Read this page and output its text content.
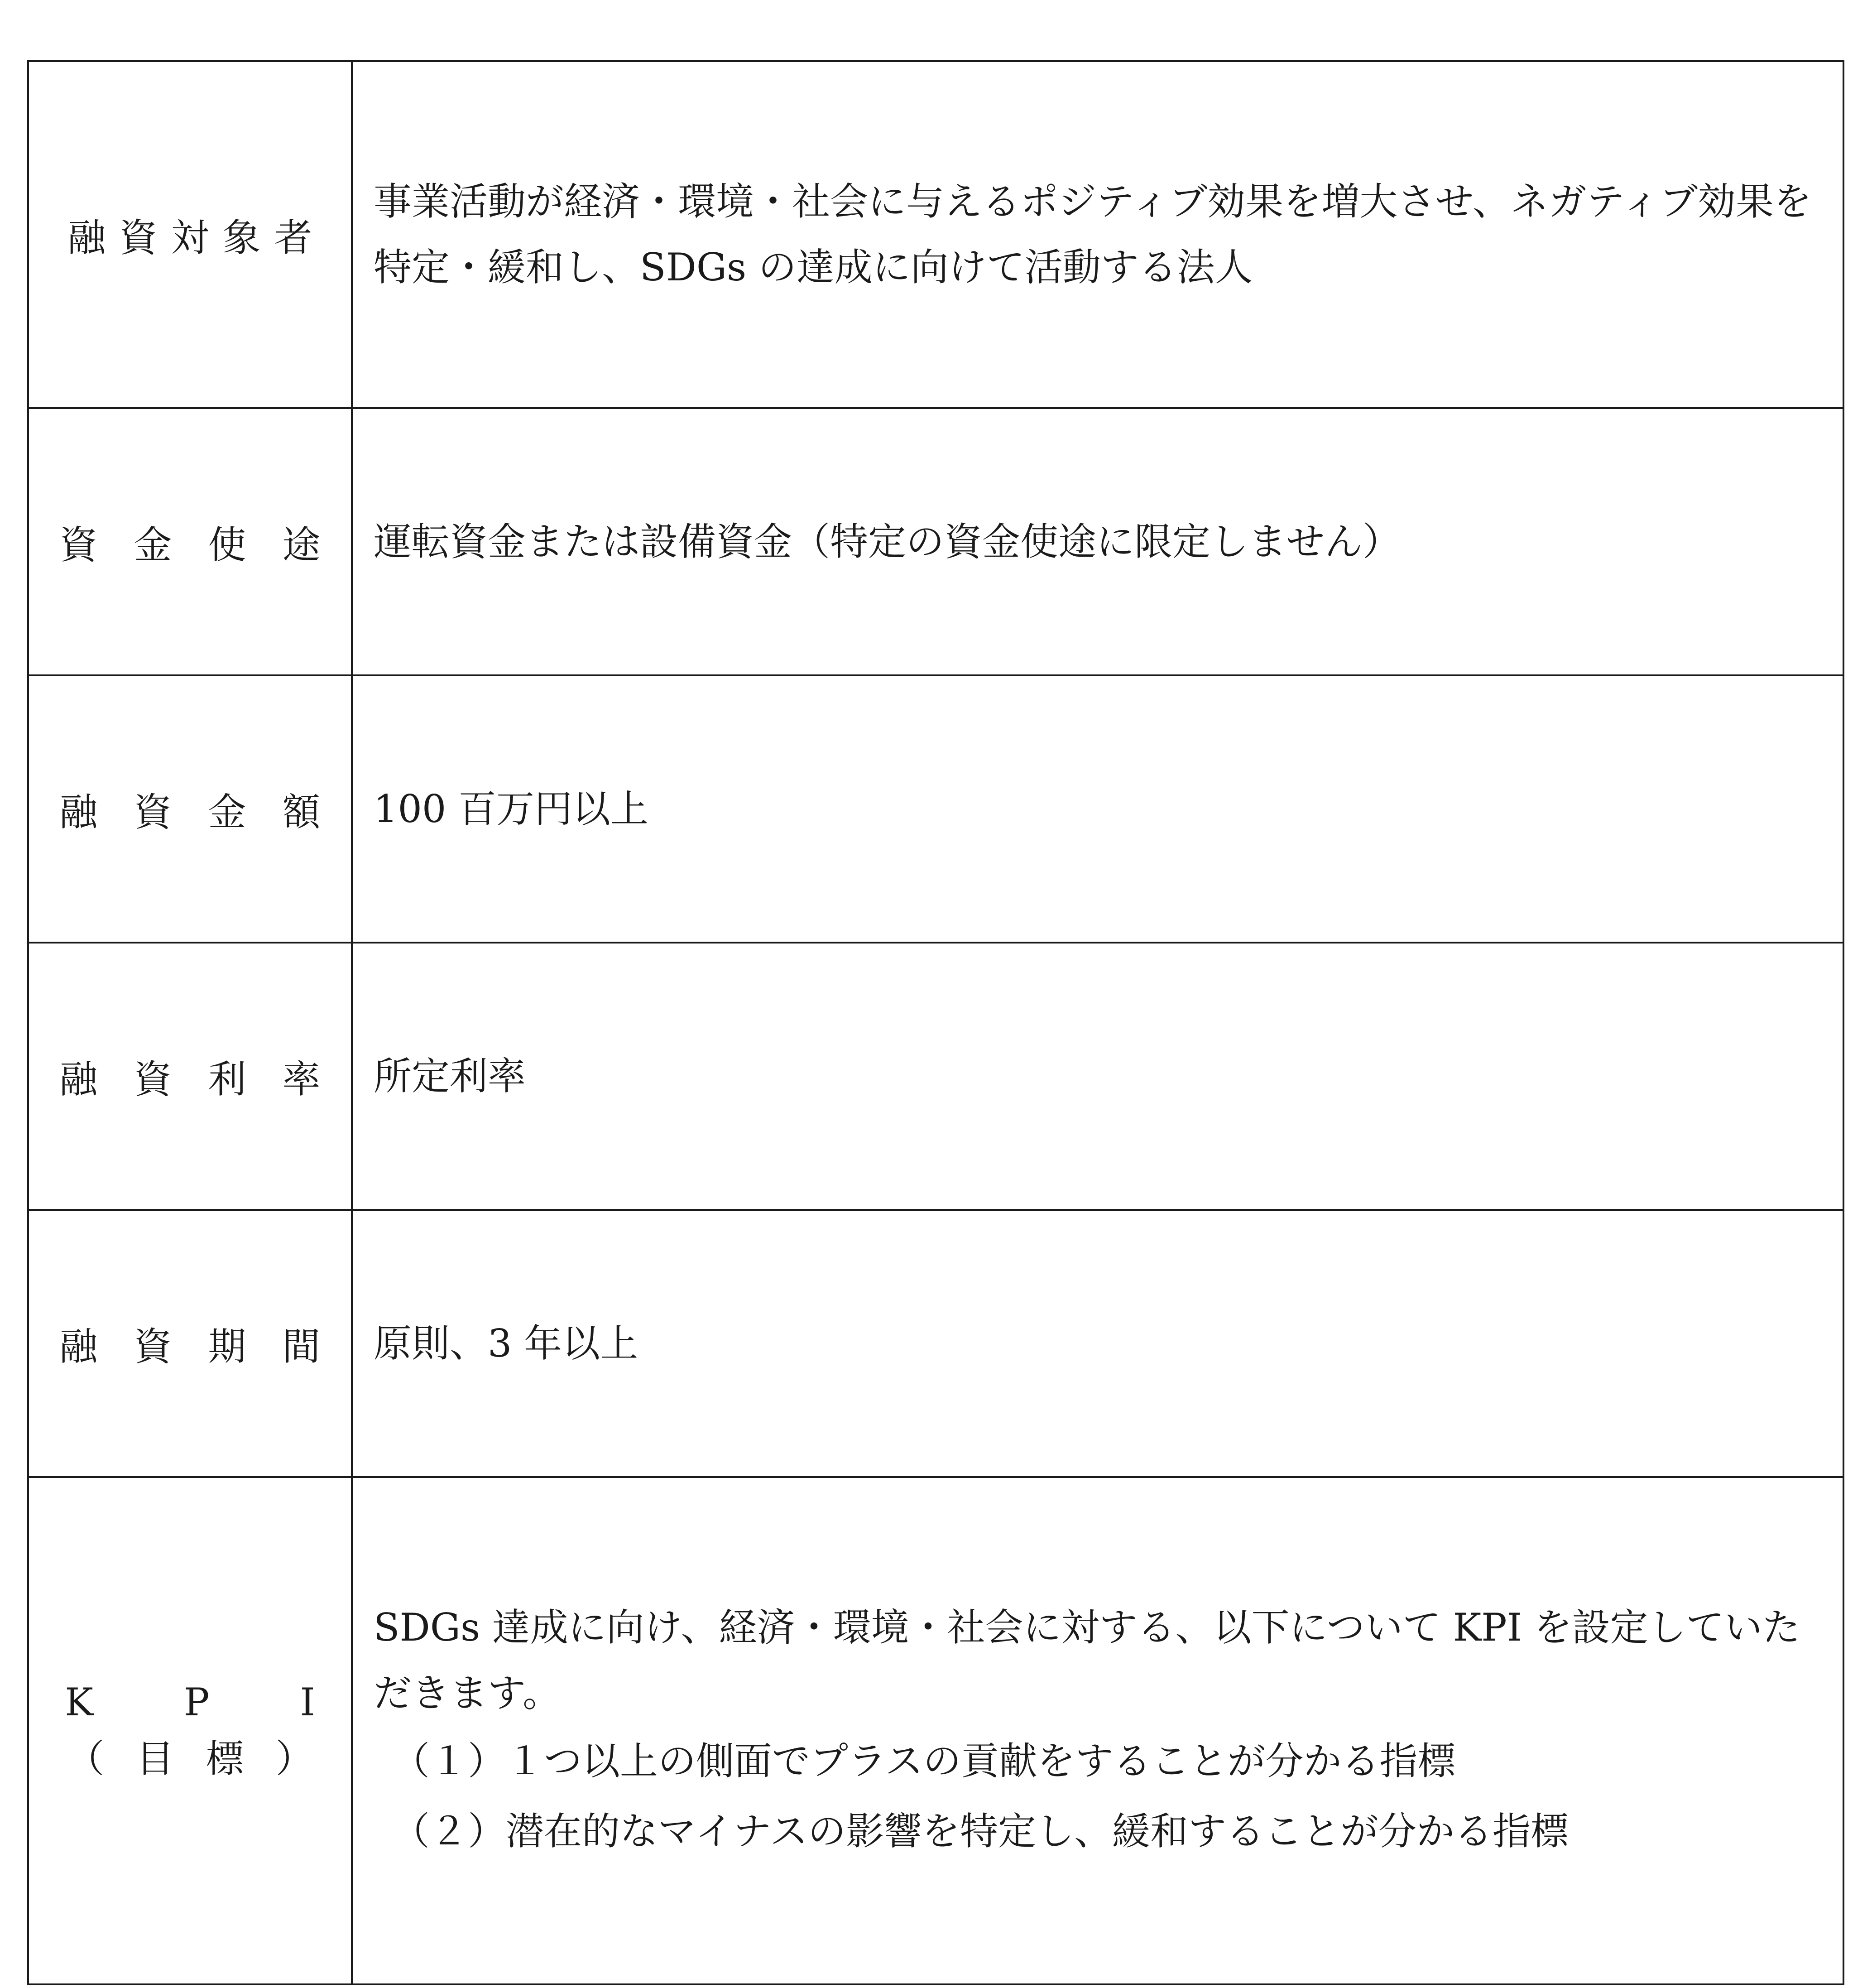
融資対象者	事業活動が経済・環境・社会に与えるポジティブ効果を増大させ、ネガティブ効果を特定・緩和し、SDGs の達成に向けて活動する法人
資金使途	運転資金または設備資金（特定の資金使途に限定しません）
融資金額	100 百万円以上
融資利率	所定利率
融資期間	原則、3 年以上

KPI
（目標）	SDGs 達成に向け、経済・環境・社会に対する、以下について KPI を設定していただきます。
（１）１つ以上の側面でプラスの貢献をすることが分かる指標
（２）潜在的なマイナスの影響を特定し、緩和することが分かる指標
